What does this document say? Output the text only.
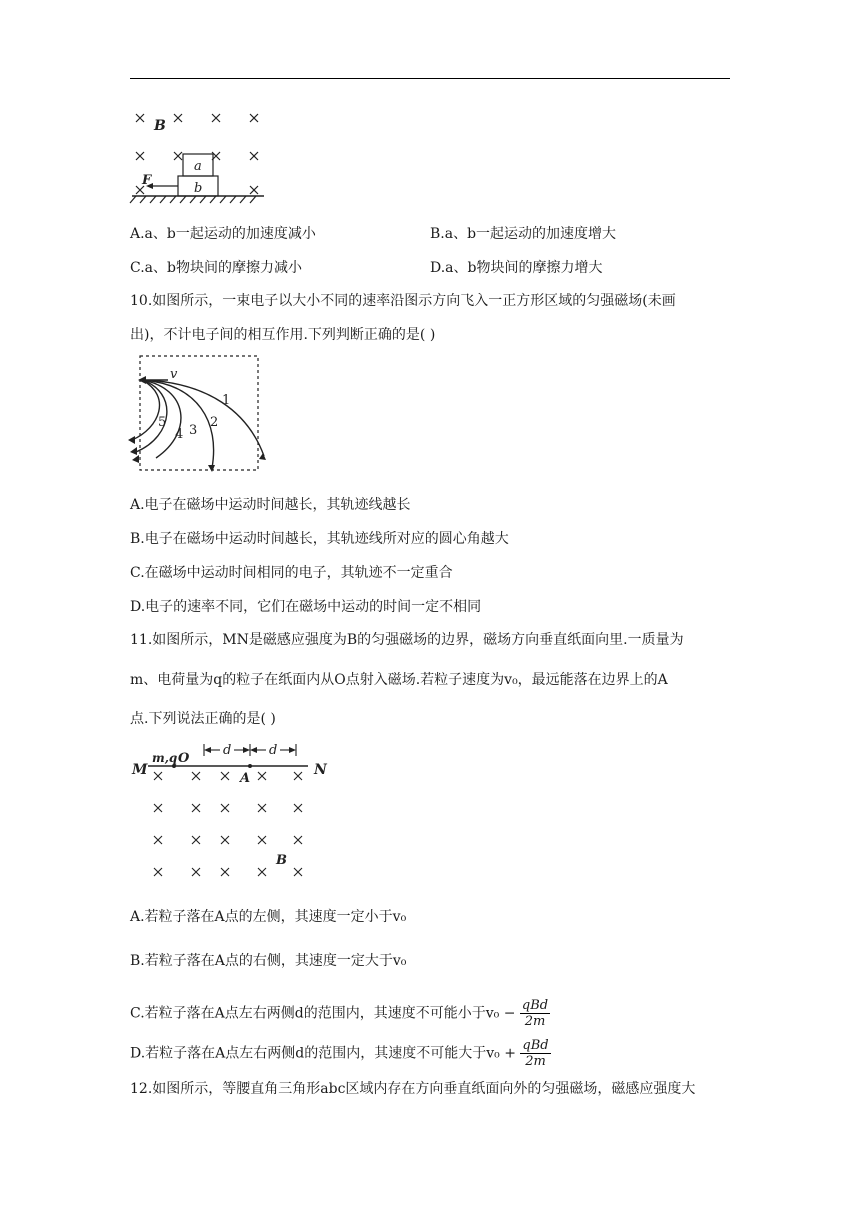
B
a
b
F
A.a、b一起运动的加速度减小	B.a、b一起运动的加速度增大
C.a、b物块间的摩擦力减小	D.a、b物块间的摩擦力增大
10.如图所示，一束电子以大小不同的速率沿图示方向飞入一正方形区域的匀强磁场(未画
出)，不计电子间的相互作用.下列判断正确的是( )
v
1
2
3
4
5
A.电子在磁场中运动时间越长，其轨迹线越长
B.电子在磁场中运动时间越长，其轨迹线所对应的圆心角越大
C.在磁场中运动时间相同的电子，其轨迹不一定重合
D.电子的速率不同，它们在磁场中运动的时间一定不相同
11.如图所示，MN是磁感应强度为B的匀强磁场的边界，磁场方向垂直纸面向里.一质量为
m、电荷量为q的粒子在纸面内从O点射入磁场.若粒子速度为v₀，最远能落在边界上的A
点.下列说法正确的是( )
M	N
m,q O
A
d	d
B
A.若粒子落在A点的左侧，其速度一定小于v₀
B.若粒子落在A点的右侧，其速度一定大于v₀
C.若粒子落在A点左右两侧d的范围内，其速度不可能小于$v_0 - \frac{\text{qBd}}{2m}$
D.若粒子落在A点左右两侧d的范围内，其速度不可能大于$v_0 + \frac{\text{qBd}}{2m}$
12.如图所示，等腰直角三角形abc区域内存在方向垂直纸面向外的匀强磁场，磁感应强度大
